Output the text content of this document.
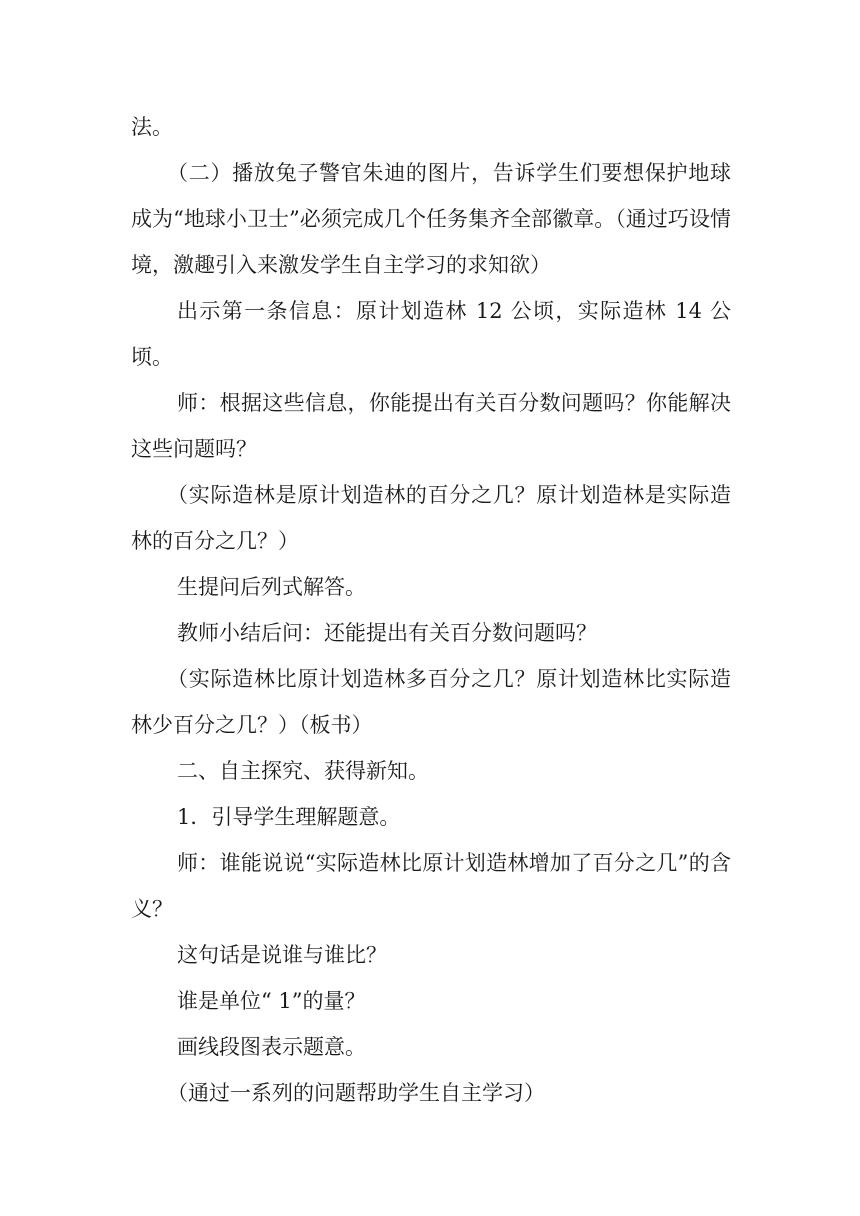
法。

（二）播放兔子警官朱迪的图片，告诉学生们要想保护地球成为“地球小卫士”必须完成几个任务集齐全部徽章。（通过巧设情境，激趣引入来激发学生自主学习的求知欲）

出示第一条信息：原计划造林 12 公顷，实际造林 14 公顷。

师：根据这些信息，你能提出有关百分数问题吗？你能解决这些问题吗？

（实际造林是原计划造林的百分之几？原计划造林是实际造林的百分之几？）

生提问后列式解答。

教师小结后问：还能提出有关百分数问题吗？

（实际造林比原计划造林多百分之几？原计划造林比实际造林少百分之几？）（板书）

二、自主探究、获得新知。

1．引导学生理解题意。

师：谁能说说“实际造林比原计划造林增加了百分之几”的含义？

这句话是说谁与谁比？

谁是单位“ 1”的量？

画线段图表示题意。

（通过一系列的问题帮助学生自主学习）
